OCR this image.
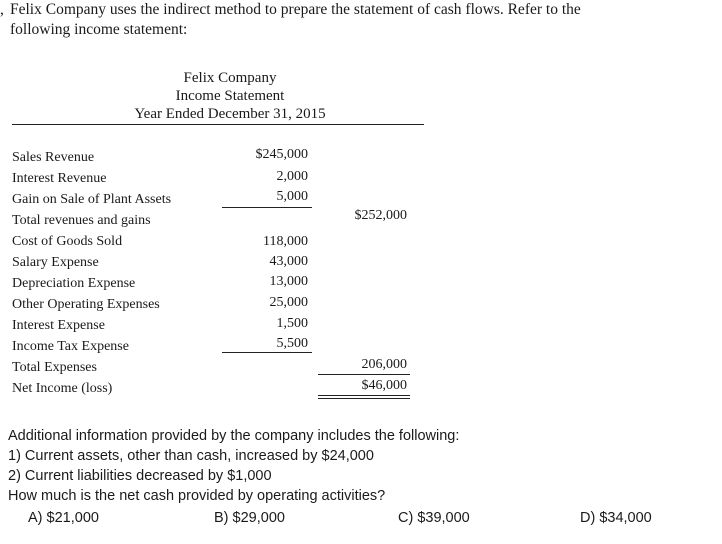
, Felix Company uses the indirect method to prepare the statement of cash flows. Refer to the
following income statement:
Felix Company
Income Statement
Year Ended December 31, 2015
Sales Revenue	$245,000
Interest Revenue	2,000
Gain on Sale of Plant Assets	5,000
Total revenues and gains	$252,000
Cost of Goods Sold	118,000
Salary Expense	43,000
Depreciation Expense	13,000
Other Operating Expenses	25,000
Interest Expense	1,500
Income Tax Expense	5,500
Total Expenses	206,000
Net Income (loss)	$46,000
Additional information provided by the company includes the following:
1) Current assets, other than cash, increased by $24,000
2) Current liabilities decreased by $1,000
How much is the net cash provided by operating activities?
A) $21,000	B) $29,000	C) $39,000	D) $34,000
